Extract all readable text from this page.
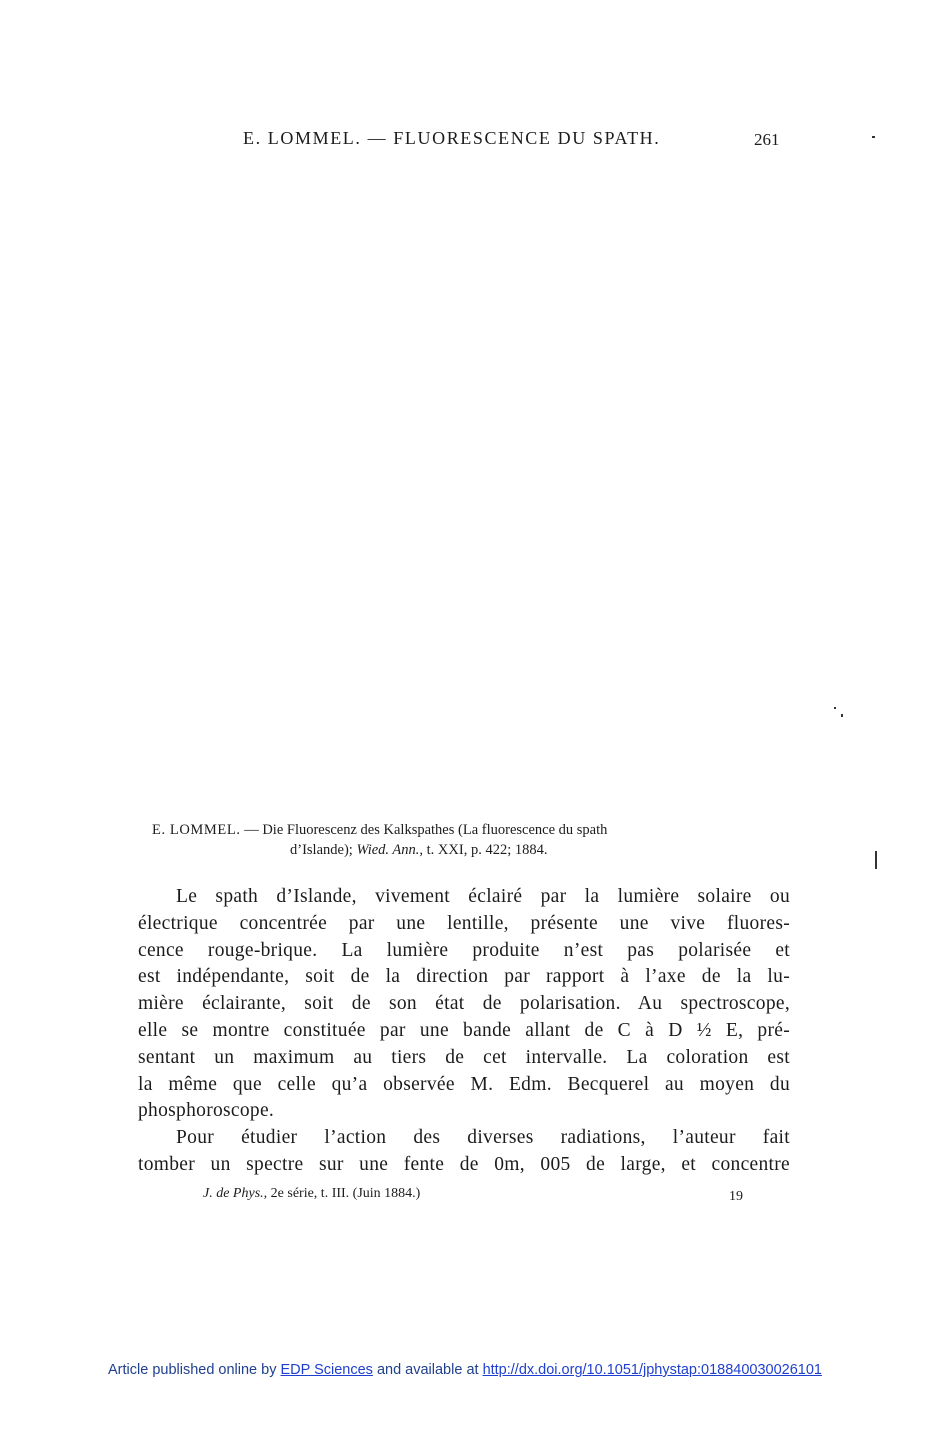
E. LOMMEL. — FLUORESCENCE DU SPATH.	261
E. LOMMEL. — Die Fluorescenz des Kalkspathes (La fluorescence du spath
d’Islande); Wied. Ann., t. XXI, p. 422; 1884.

Le spath d’Islande, vivement éclairé par la lumière solaire ou
électrique concentrée par une lentille, présente une vive fluores-
cence rouge-brique. La lumière produite n’est pas polarisée et
est indépendante, soit de la direction par rapport à l’axe de la lu-
mière éclairante, soit de son état de polarisation. Au spectroscope,
elle se montre constituée par une bande allant de C à D ½ E, pré-
sentant un maximum au tiers de cet intervalle. La coloration est
la même que celle qu’a observée M. Edm. Becquerel au moyen du
phosphoroscope.

Pour étudier l’action des diverses radiations, l’auteur fait
tomber un spectre sur une fente de 0m, 005 de large, et concentre

J. de Phys., 2e série, t. III. (Juin 1884.)	19
Article published online by EDP Sciences and available at http://dx.doi.org/10.1051/jphystap:018840030026101
